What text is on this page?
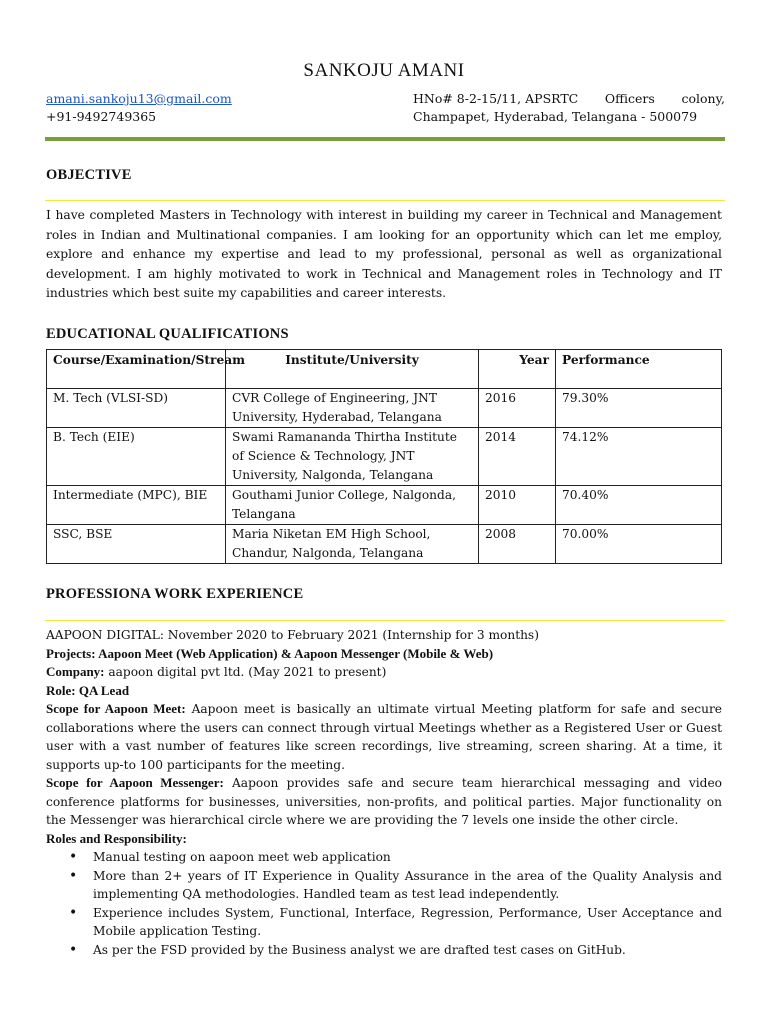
SANKOJU AMANI
amani.sankoju13@gmail.com
+91-9492749365
HNo# 8-2-15/11, APSRTC Officers colony,
Champapet, Hyderabad, Telangana - 500079
OBJECTIVE
I have completed Masters in Technology with interest in building my career in Technical and Management roles in Indian and Multinational companies. I am looking for an opportunity which can let me employ, explore and enhance my expertise and lead to my professional, personal as well as organizational development. I am highly motivated to work in Technical and Management roles in Technology and IT industries which best suite my capabilities and career interests.
EDUCATIONAL QUALIFICATIONS
Course/Examination/Stream	Institute/University	Year	Performance
M. Tech (VLSI-SD)	CVR College of Engineering, JNT University, Hyderabad, Telangana	2016	79.30%
B. Tech (EIE)	Swami Ramananda Thirtha Institute of Science & Technology, JNT University, Nalgonda, Telangana	2014	74.12%
Intermediate (MPC), BIE	Gouthami Junior College, Nalgonda, Telangana	2010	70.40%
SSC, BSE	Maria Niketan EM High School, Chandur, Nalgonda, Telangana	2008	70.00%
PROFESSIONA WORK EXPERIENCE
AAPOON DIGITAL: November 2020 to February 2021 (Internship for 3 months)
Projects: Aapoon Meet (Web Application) & Aapoon Messenger (Mobile & Web)
Company: aapoon digital pvt ltd. (May 2021 to present)
Role: QA Lead
Scope for Aapoon Meet: Aapoon meet is basically an ultimate virtual Meeting platform for safe and secure collaborations where the users can connect through virtual Meetings whether as a Registered User or Guest user with a vast number of features like screen recordings, live streaming, screen sharing. At a time, it supports up-to 100 participants for the meeting.
Scope for Aapoon Messenger: Aapoon provides safe and secure team hierarchical messaging and video conference platforms for businesses, universities, non-profits, and political parties. Major functionality on the Messenger was hierarchical circle where we are providing the 7 levels one inside the other circle.
Roles and Responsibility:
• Manual testing on aapoon meet web application
• More than 2+ years of IT Experience in Quality Assurance in the area of the Quality Analysis and implementing QA methodologies. Handled team as test lead independently.
• Experience includes System, Functional, Interface, Regression, Performance, User Acceptance and Mobile application Testing.
• As per the FSD provided by the Business analyst we are drafted test cases on GitHub.
